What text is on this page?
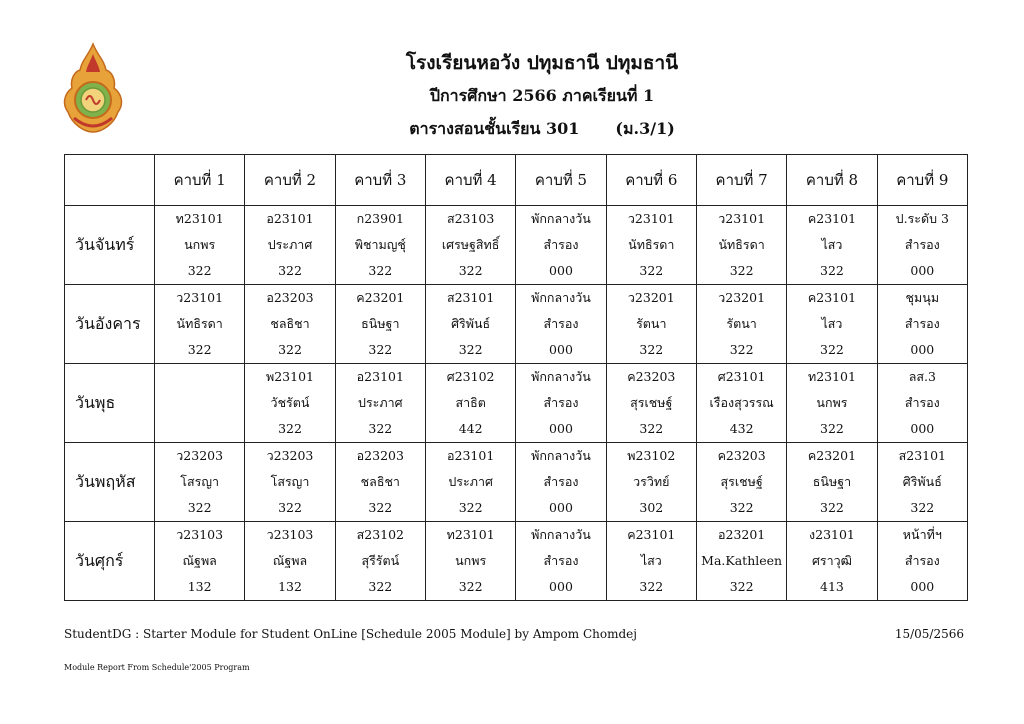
โรงเรียนหอวัง ปทุมธานี ปทุมธานี
ปีการศึกษา 2566 ภาคเรียนที่ 1
ตารางสอนชั้นเรียน 301 (ม.3/1)
	คาบที่ 1	คาบที่ 2	คาบที่ 3	คาบที่ 4	คาบที่ 5	คาบที่ 6	คาบที่ 7	คาบที่ 8	คาบที่ 9
วันจันทร์	ท23101
นกพร
322	อ23101
ประภาศ
322	ก23901
พิชามญชุ์
322	ส23103
เศรษฐสิทธิ์
322	พักกลางวัน
สำรอง
000	ว23101
นัทธิรดา
322	ว23101
นัทธิรดา
322	ค23101
ไสว
322	ป.ระดับ 3
สำรอง
000

วันอังคาร	ว23101
นัทธิรดา
322	อ23203
ชลธิชา
322	ค23201
ธนิษฐา
322	ส23101
ศิริพันธ์
322	พักกลางวัน
สำรอง
000	ว23201
รัตนา
322	ว23201
รัตนา
322	ค23101
ไสว
322	ชุมนุม
สำรอง
000

วันพุธ		พ23101
วัชรัตน์
322	อ23101
ประภาศ
322	ศ23102
สาธิต
442	พักกลางวัน
สำรอง
000	ค23203
สุรเชษฐ์
322	ศ23101
เรืองสุวรรณ
432	ท23101
นกพร
322	ลส.3
สำรอง
000

วันพฤหัส	ว23203
โสรญา
322	ว23203
โสรญา
322	อ23203
ชลธิชา
322	อ23101
ประภาศ
322	พักกลางวัน
สำรอง
000	พ23102
วรวิทย์
302	ค23203
สุรเชษฐ์
322	ค23201
ธนิษฐา
322	ส23101
ศิริพันธ์
322

วันศุกร์	ว23103
ณัฐพล
132	ว23103
ณัฐพล
132	ส23102
สุรีรัตน์
322	ท23101
นกพร
322	พักกลางวัน
สำรอง
000	ค23101
ไสว
322	อ23201
Ma.Kathleen
322	ง23101
ศราวุฒิ
413	หน้าที่ฯ
สำรอง
000
StudentDG : Starter Module for Student OnLine [Schedule 2005 Module] by Ampom Chomdej	15/05/2566
Module Report From Schedule'2005 Program
